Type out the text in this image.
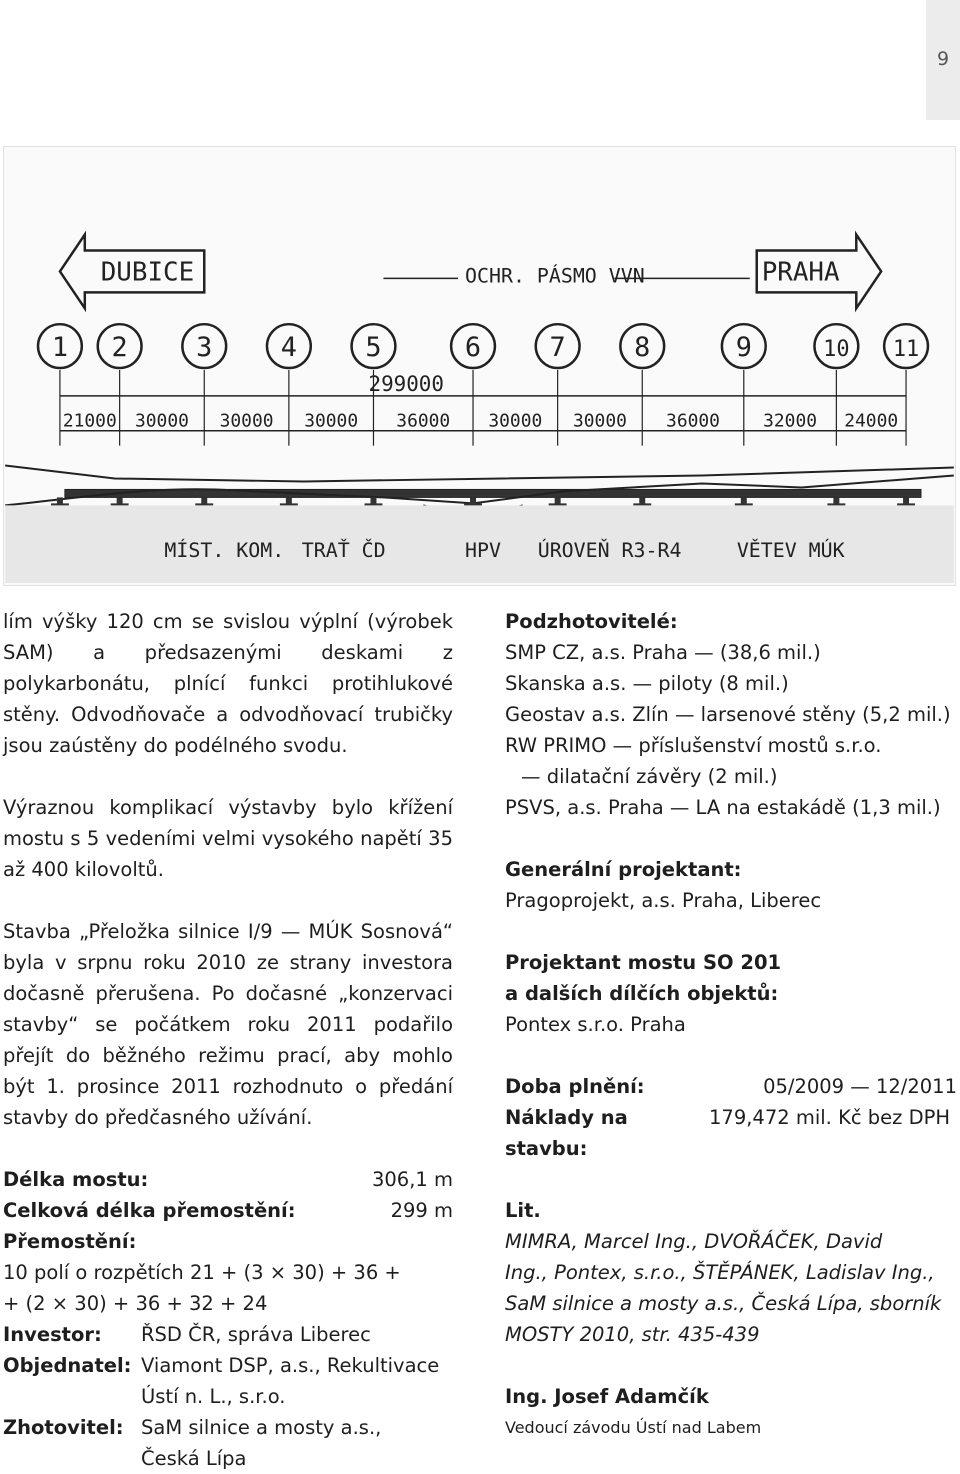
9
DUBICE	PRAHA
OCHR. PÁSMO VVN
1 2	3	4	5	6	7	8	9	10 11
299000
21000 30000 30000 30000 36000 30000 30000 36000 32000 24000
MÍST. KOM. TRAŤ ČD	HPV ÚROVEŇ R3-R4	VĚTEV MÚK

lím výšky 120 cm se svislou výplní (výrobek SAM) a předsazenými deskami z polykarbonátu, plnící funkci protihlukové stěny. Odvodňovače a odvodňovací trubičky jsou zaústěny do podélného svodu.

Výraznou komplikací výstavby bylo křížení mostu s 5 vedeními velmi vysokého napětí 35 až 400 kilovoltů.

Stavba „Přeložka silnice I/9 — MÚK Sosnová“ byla v srpnu roku 2010 ze strany investora dočasně přerušena. Po dočasné „konzervaci stavby“ se počátkem roku 2011 podařilo přejít do běžného režimu prací, aby mohlo být 1. prosince 2011 rozhodnuto o předání stavby do předčasného užívání.

Délka mostu:	306,1 m
Celková délka přemostění:	299 m

Přemostění:

10 polí o rozpětích 21 + (3 × 30) + 36 +

+ (2 × 30) + 36 + 32 + 24

Investor:	ŘSD ČR, správa Liberec
Objednatel: Viamont DSP, a.s., Rekultivace

Ústí n. L., s.r.o.

Zhotovitel: SaM silnice a mosty a.s.,

Česká Lípa

Podzhotovitelé:

SMP CZ, a.s. Praha — (38,6 mil.)

Skanska a.s. — piloty (8 mil.)

Geostav a.s. Zlín — larsenové stěny (5,2 mil.)

RW PRIMO — příslušenství mostů s.r.o.

— dilatační závěry (2 mil.)

PSVS, a.s. Praha — LA na estakádě (1,3 mil.)

Generální projektant:

Pragoprojekt, a.s. Praha, Liberec

Projektant mostu SO 201

a dalších dílčích objektů:

Pontex s.r.o. Praha

Doba plnění:	05/2009 — 12/2011
Náklady na stavbu:
179,472 mil. Kč bez DPH

Lit.

MIMRA, Marcel Ing., DVOŘÁČEK, David

Ing., Pontex, s.r.o., ŠTĚPÁNEK, Ladislav Ing.,

SaM silnice a mosty a.s., Česká Lípa, sborník

MOSTY 2010, str. 435-439

Ing. Josef Adamčík

Vedoucí závodu Ústí nad Labem
